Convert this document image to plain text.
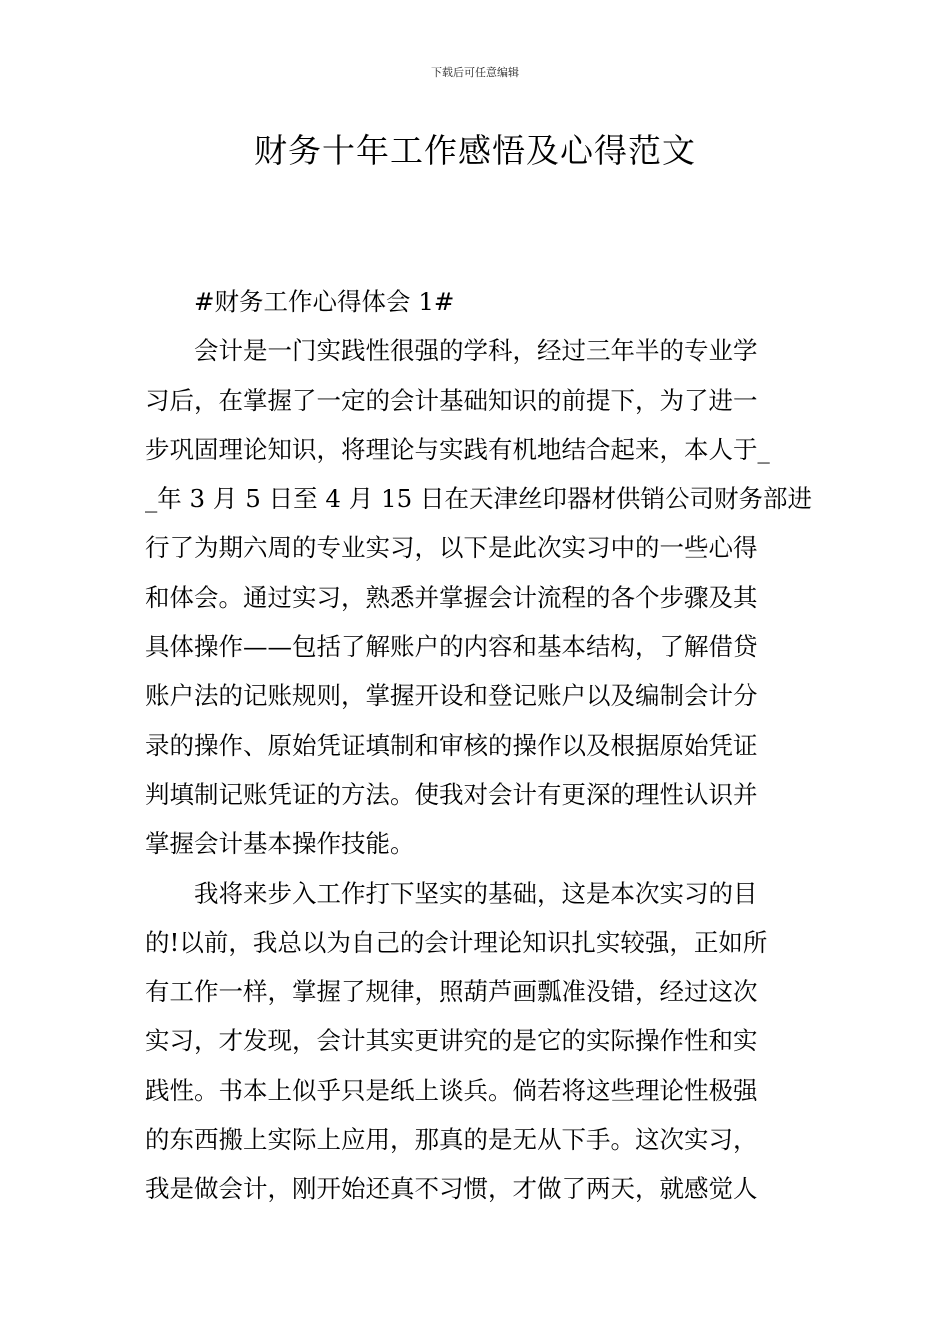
下载后可任意编辑
财务十年工作感悟及心得范文
#财务工作心得体会 1#
会计是一门实践性很强的学科，经过三年半的专业学
习后，在掌握了一定的会计基础知识的前提下，为了进一
步巩固理论知识，将理论与实践有机地结合起来，本人于_
_年 3 月 5 日至 4 月 15 日在天津丝印器材供销公司财务部进
行了为期六周的专业实习，以下是此次实习中的一些心得
和体会。通过实习，熟悉并掌握会计流程的各个步骤及其
具体操作——包括了解账户的内容和基本结构，了解借贷
账户法的记账规则，掌握开设和登记账户以及编制会计分
录的操作、原始凭证填制和审核的操作以及根据原始凭证
判填制记账凭证的方法。使我对会计有更深的理性认识并
掌握会计基本操作技能。
我将来步入工作打下坚实的基础，这是本次实习的目
的!以前，我总以为自己的会计理论知识扎实较强，正如所
有工作一样，掌握了规律，照葫芦画瓢准没错，经过这次
实习，才发现，会计其实更讲究的是它的实际操作性和实
践性。书本上似乎只是纸上谈兵。倘若将这些理论性极强
的东西搬上实际上应用，那真的是无从下手。这次实习，
我是做会计，刚开始还真不习惯，才做了两天，就感觉人
